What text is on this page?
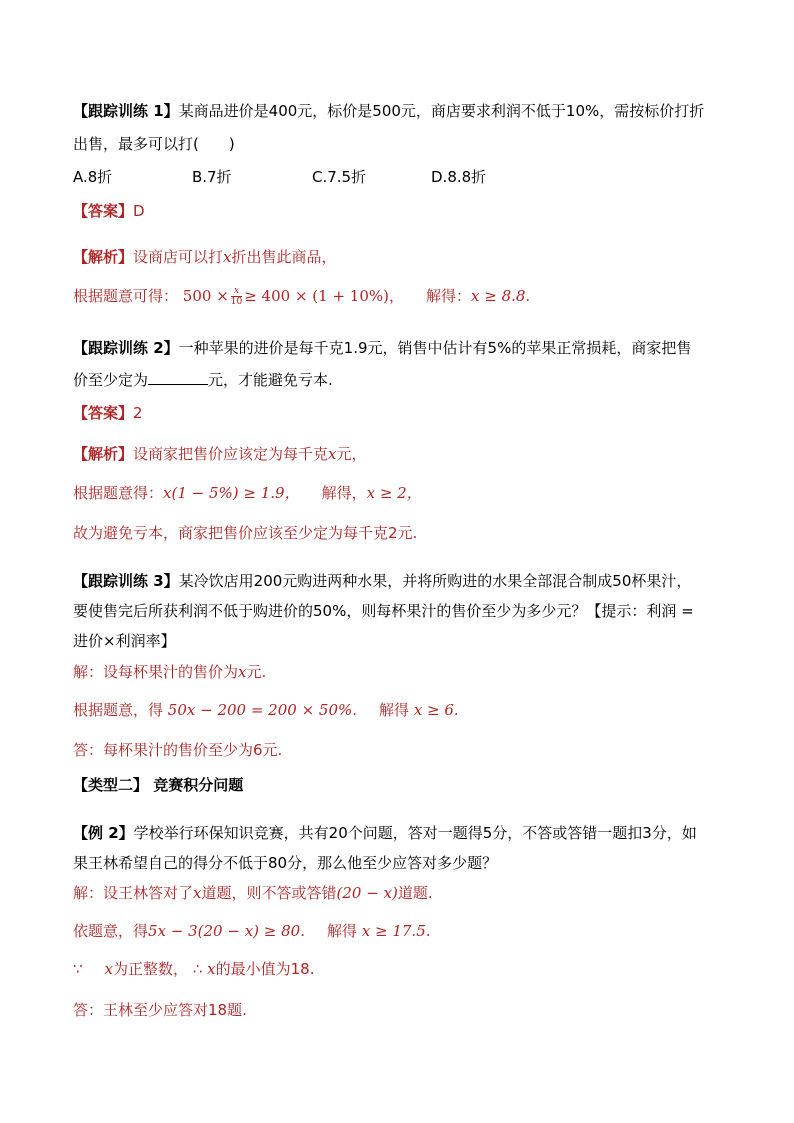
【跟踪训练 1】某商品进价是400元，标价是500元，商店要求利润不低于10%，需按标价打折
出售，最多可以打(　　)
A.8折	B.7折	C.7.5折	D.8.8折
【答案】D
【解析】设商店可以打x折出售此商品，
根据题意可得： $500 \times \frac{x}{10} \ge 400 \times (1 + 10\%)$， 解得：x ≥ 8.8.
【跟踪训练 2】一种苹果的进价是每千克1.9元，销售中估计有5%的苹果正常损耗，商家把售
价至少定为	元，才能避免亏本.
【答案】2
【解析】设商家把售价应该定为每千克x元，
根据题意得：x(1 − 5%) ≥ 1.9， 解得，x ≥ 2，
故为避免亏本，商家把售价应该至少定为每千克2元.
【跟踪训练 3】某冷饮店用200元购进两种水果，并将所购进的水果全部混合制成50杯果汁，
要使售完后所获利润不低于购进价的50%，则每杯果汁的售价至少为多少元？【提示：利润 =
进价×利润率】
解：设每杯果汁的售价为x元.
根据题意，得 50x − 200 = 200 × 50%. 解得 x ≥ 6.
答：每杯果汁的售价至少为6元.
【类型二】 竞赛积分问题
【例 2】学校举行环保知识竞赛，共有20个问题，答对一题得5分，不答或答错一题扣3分，如
果王林希望自己的得分不低于80分，那么他至少应答对多少题？
解：设王林答对了x道题，则不答或答错(20 − x)道题.
依题意，得5x − 3(20 − x) ≥ 80. 解得 x ≥ 17.5.
∵ x为正整数， ∴ x的最小值为18.
答：王林至少应答对18题.
